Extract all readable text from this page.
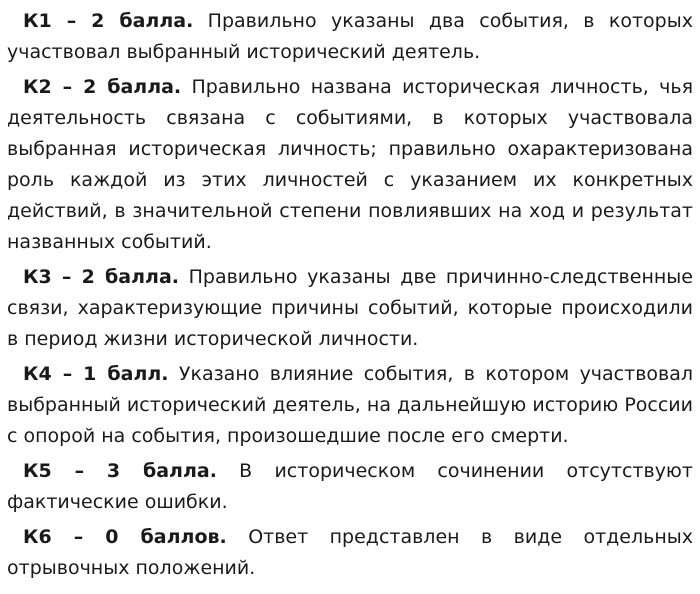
К1 – 2 балла. Правильно указаны два события, в которых участвовал выбранный исторический деятель.

К2 – 2 балла. Правильно названа историческая личность, чья деятельность связана с событиями, в которых участвовала выбранная историческая личность; правильно охарактеризована роль каждой из этих личностей с указанием их конкретных действий, в значительной степени повлиявших на ход и результат названных событий.

К3 – 2 балла. Правильно указаны две причинно-следственные связи, характеризующие причины событий, которые происходили в период жизни исторической личности.

К4 – 1 балл. Указано влияние события, в котором участвовал выбранный исторический деятель, на дальнейшую историю России с опорой на события, произошедшие после его смерти.

К5 – 3 балла. В историческом сочинении отсутствуют фактические ошибки.

К6 – 0 баллов. Ответ представлен в виде отдельных отрывочных положений.
